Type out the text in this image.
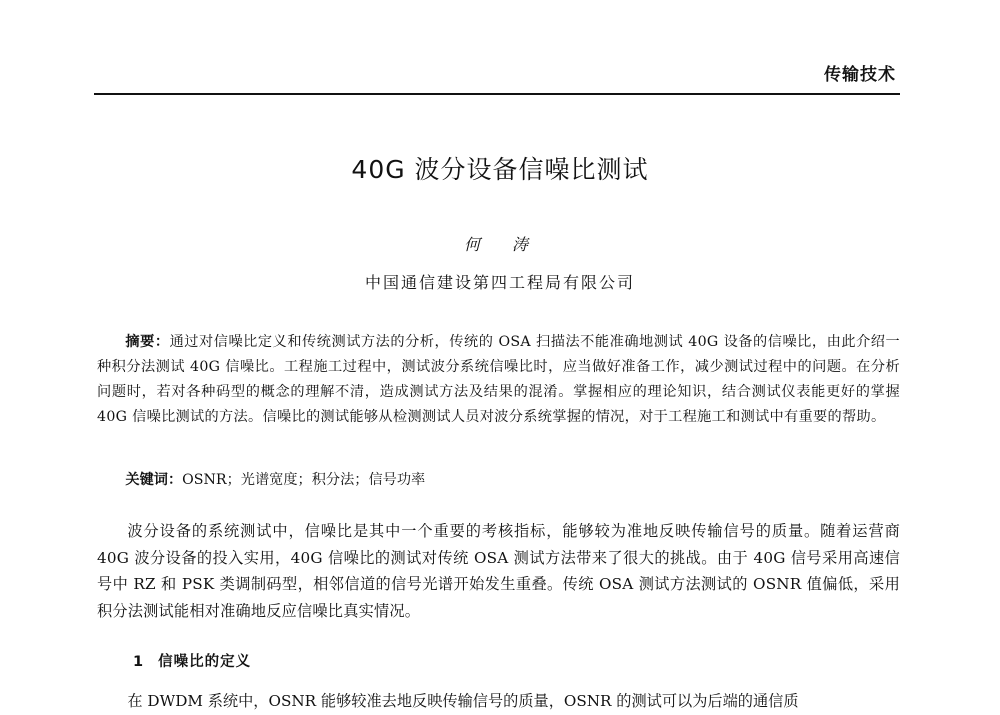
传输技术
40G 波分设备信噪比测试
何　涛
中国通信建设第四工程局有限公司
摘要：通过对信噪比定义和传统测试方法的分析，传统的 OSA 扫描法不能准确地测试 40G 设备的信噪比，由此介绍一种积分法测试 40G 信噪比。工程施工过程中，测试波分系统信噪比时，应当做好准备工作，减少测试过程中的问题。在分析问题时，若对各种码型的概念的理解不清，造成测试方法及结果的混淆。掌握相应的理论知识，结合测试仪表能更好的掌握 40G 信噪比测试的方法。信噪比的测试能够从检测测试人员对波分系统掌握的情况，对于工程施工和测试中有重要的帮助。
关键词：OSNR；光谱宽度；积分法；信号功率
波分设备的系统测试中，信噪比是其中一个重要的考核指标，能够较为准地反映传输信号的质量。随着运营商 40G 波分设备的投入实用，40G 信噪比的测试对传统 OSA 测试方法带来了很大的挑战。由于 40G 信号采用高速信号中 RZ 和 PSK 类调制码型，相邻信道的信号光谱开始发生重叠。传统 OSA 测试方法测试的 OSNR 值偏低，采用积分法测试能相对准确地反应信噪比真实情况。
1 信噪比的定义
在 DWDM 系统中，OSNR 能够较准去地反映传输信号的质量，OSNR 的测试可以为后端的通信质
